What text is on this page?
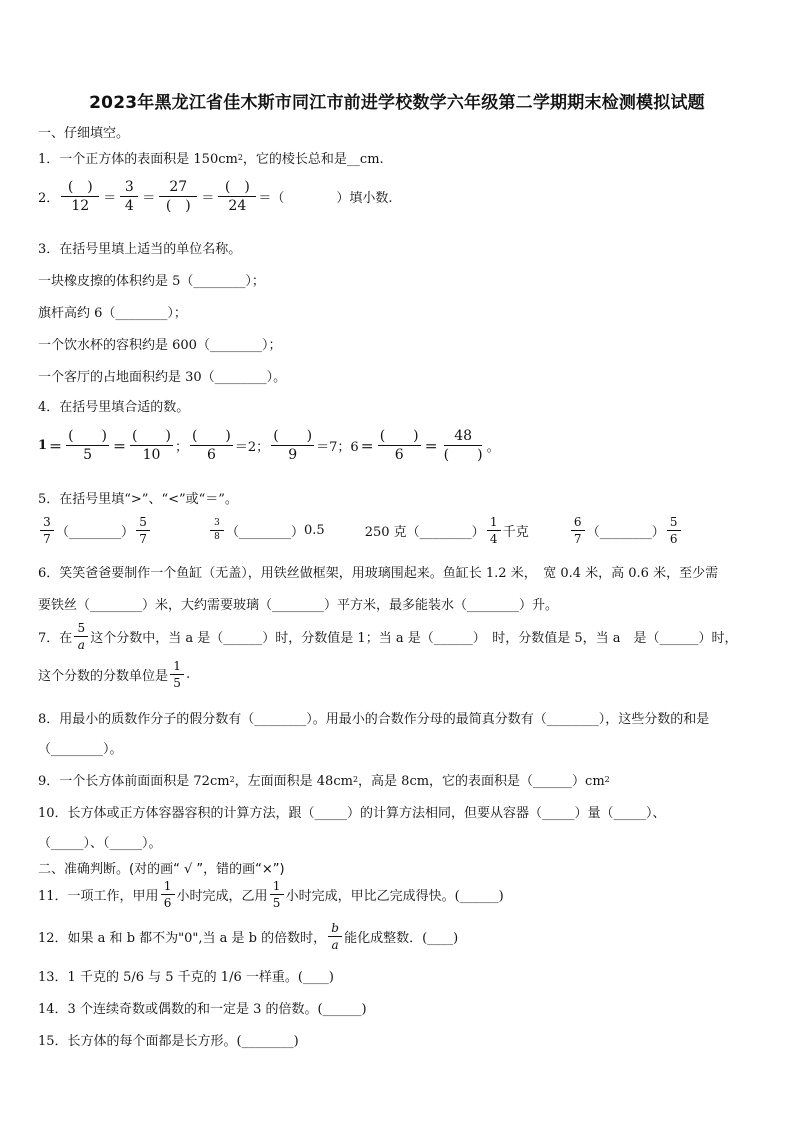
2023年黑龙江省佳木斯市同江市前进学校数学六年级第二学期期末检测模拟试题
一、仔细填空。
1．一个正方体的表面积是 150cm 2 ，它的棱长总和是__cm.
2． $\frac{( )}{12} = \frac{3}{4} = \frac{27}{( )} = \frac{( )}{24}$ ＝（　　　　）填小数.
3．在括号里填上适当的单位名称。
一块橡皮擦的体积约是 5（________）；
旗杆高约 6（________）；
一个饮水杯的容积约是 600（________）；
一个客厅的占地面积约是 30（________）。
4．在括号里填合适的数。
$1 = \frac{( )}{5} = \frac{( )}{10}$ ； $\frac{( )}{6} =2$； $\frac{( )}{9} =7$；$6 = \frac{( )}{6} = \frac{48}{( )}$ 。
5．在括号里填“>”、“<”或“＝”。
$\frac{3}{7}$ （________） $\frac{5}{7}$	$\frac{3}{8}$ （________） 0.5	250 克 （________） $\frac{1}{4}$ 千克	$\frac{6}{7}$ （________） $\frac{5}{6}$
6．笑笑爸爸要制作一个鱼缸（无盖），用铁丝做框架，用玻璃围起来。鱼缸长 1.2 米，　宽 0.4 米，高 0.6 米，至少需
要铁丝（________）米，大约需要玻璃（________）平方米，最多能装水（________）升。
7．在 $\frac{5}{a}$ 这个分数中，当 a 是（______）时，分数值是 1；当 a 是（______）　时，分数值是 5，当 a　是（______）时，
这个分数的分数单位是 $\frac{1}{5}$ .
8．用最小的质数作分子的假分数有（________）。用最小的合数作分母的最简真分数有（________），这些分数的和是
（________）。
9．一个长方体前面面积是 72cm 2 ，左面面积是 48cm 2 ，高是 8cm，它的表面积是（______）cm 2
10．长方体或正方体容器容积的计算方法，跟（_____）的计算方法相同，但要从容器（_____）量（_____）、
（_____）、（_____）。
二、准确判断。(对的画“ √ ”，错的画“×”)
11．一项工作，甲用 $\frac{1}{6}$ 小时完成，乙用 $\frac{1}{5}$ 小时完成，甲比乙完成得快。(______)
12．如果 a 和 b 都不为"0",当 a 是 b 的倍数时， $\frac{b}{a}$ 能化成整数．(____)
13．1 千克的 5/6 与 5 千克的 1/6 一样重。(____)
14．3 个连续奇数或偶数的和一定是 3 的倍数。(______)
15．长方体的每个面都是长方形。(________)
